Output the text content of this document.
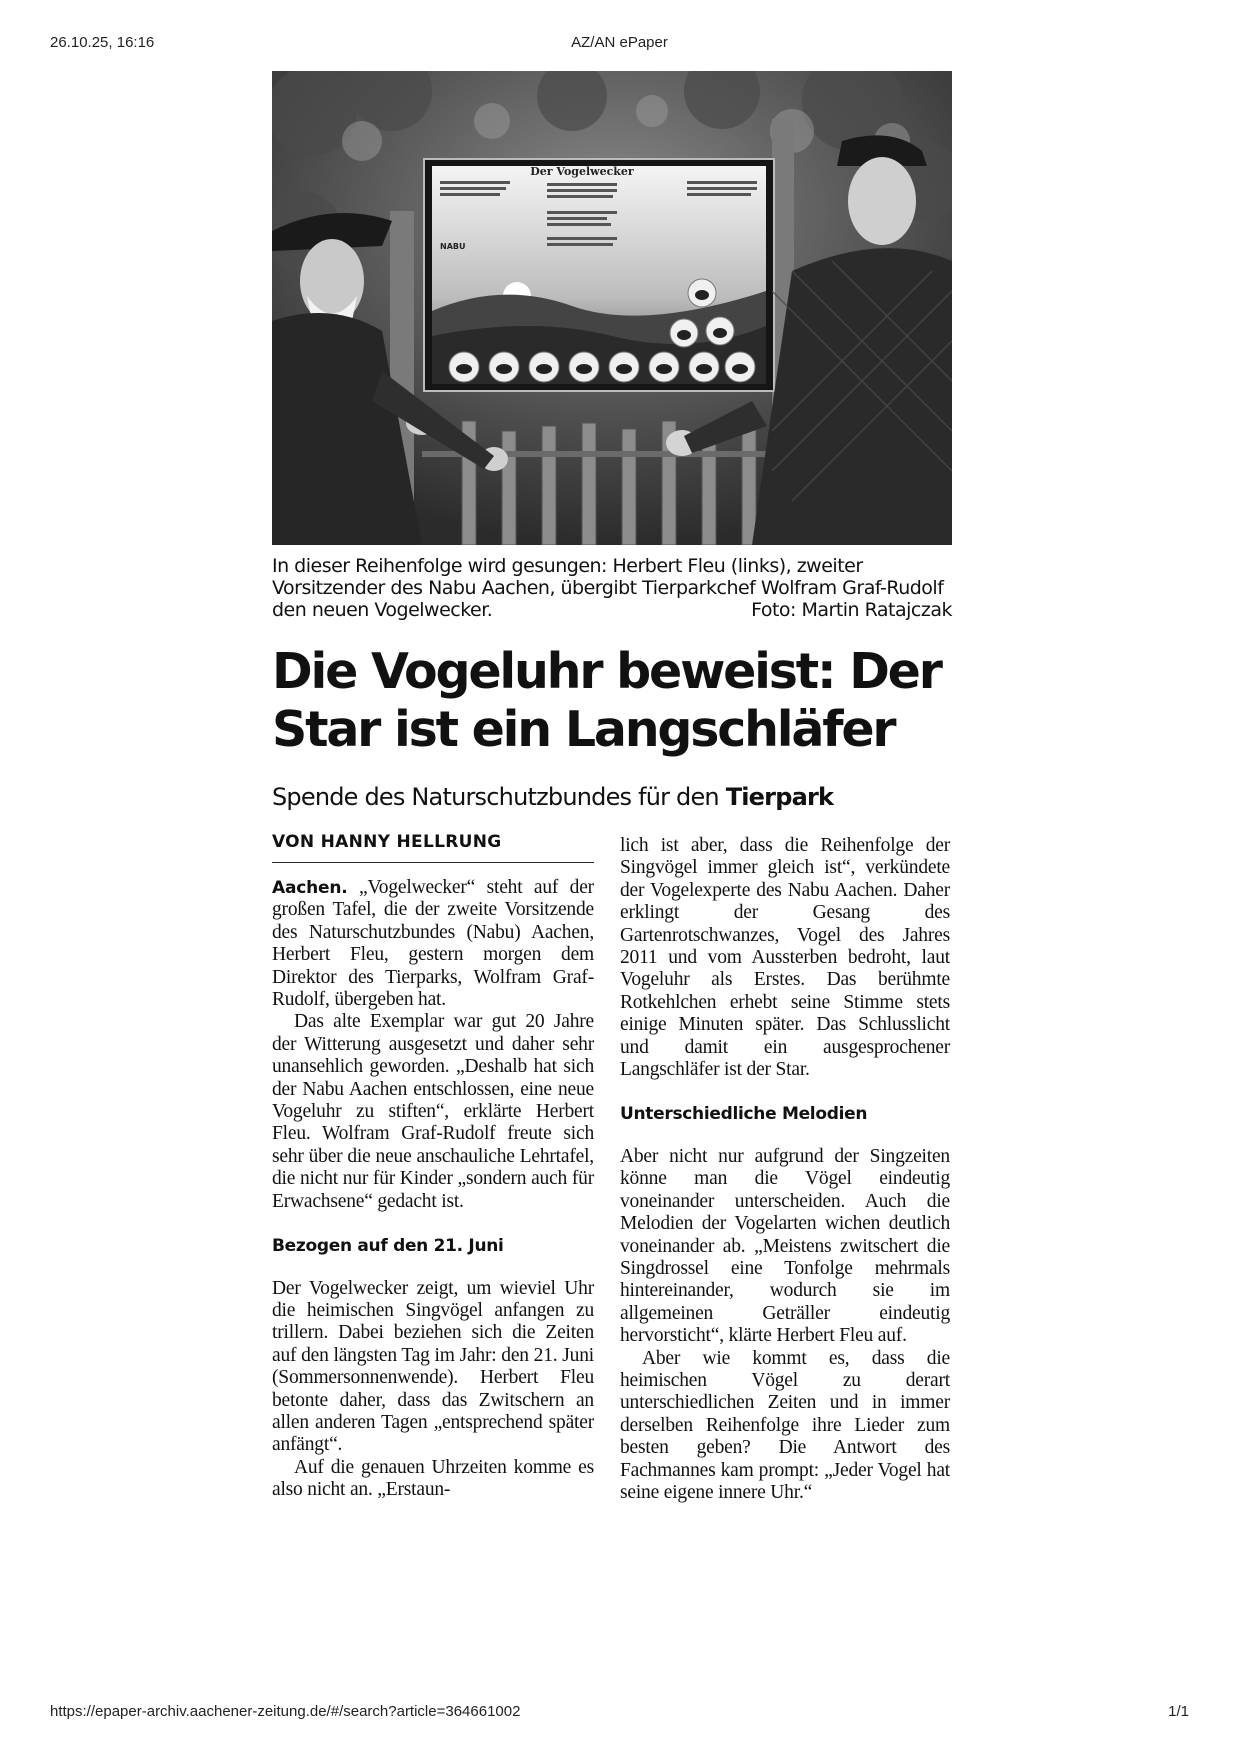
26.10.25, 16:16	AZ/AN ePaper
Der Vogelwecker
NABU
In dieser Reihenfolge wird gesungen: Herbert Fleu (links), zweiter Vorsitzender des Nabu Aachen, übergibt Tierparkchef Wolfram Graf-Rudolf den neuen Vogelwecker.	Foto: Martin Ratajczak
Die Vogeluhr beweist: Der Star ist ein Langschläfer
Spende des Naturschutzbundes für den Tierpark
VON HANNY HELLRUNG

Aachen. „Vogelwecker“ steht auf der großen Tafel, die der zweite Vorsitzende des Naturschutzbundes (Nabu) Aachen, Herbert Fleu, gestern morgen dem Direktor des Tierparks, Wolfram Graf-Rudolf, übergeben hat.

Das alte Exemplar war gut 20 Jahre der Witterung ausgesetzt und daher sehr unansehlich geworden. „Deshalb hat sich der Nabu Aachen entschlossen, eine neue Vogeluhr zu stiften“, erklärte Herbert Fleu. Wolfram Graf-Rudolf freute sich sehr über die neue anschauliche Lehrtafel, die nicht nur für Kinder „sondern auch für Erwachsene“ gedacht ist.

Bezogen auf den 21. Juni

Der Vogelwecker zeigt, um wieviel Uhr die heimischen Singvögel anfangen zu trillern. Dabei beziehen sich die Zeiten auf den längsten Tag im Jahr: den 21. Juni (Sommersonnenwende). Herbert Fleu betonte daher, dass das Zwitschern an allen anderen Tagen „entsprechend später anfängt“.

Auf die genauen Uhrzeiten komme es also nicht an. „Erstaun-

lich ist aber, dass die Reihenfolge der Singvögel immer gleich ist“, verkündete der Vogelexperte des Nabu Aachen. Daher erklingt der Gesang des Gartenrotschwanzes, Vogel des Jahres 2011 und vom Aussterben bedroht, laut Vogeluhr als Erstes. Das berühmte Rotkehlchen erhebt seine Stimme stets einige Minuten später. Das Schlusslicht und damit ein ausgesprochener Langschläfer ist der Star.

Unterschiedliche Melodien

Aber nicht nur aufgrund der Singzeiten könne man die Vögel eindeutig voneinander unterscheiden. Auch die Melodien der Vogelarten wichen deutlich voneinander ab. „Meistens zwitschert die Singdrossel eine Tonfolge mehrmals hintereinander, wodurch sie im allgemeinen Geträller eindeutig hervorsticht“, klärte Herbert Fleu auf.

Aber wie kommt es, dass die heimischen Vögel zu derart unterschiedlichen Zeiten und in immer derselben Reihenfolge ihre Lieder zum besten geben? Die Antwort des Fachmannes kam prompt: „Jeder Vogel hat seine eigene innere Uhr.“

https://epaper-archiv.aachener-zeitung.de/#/search?article=364661002	1/1
